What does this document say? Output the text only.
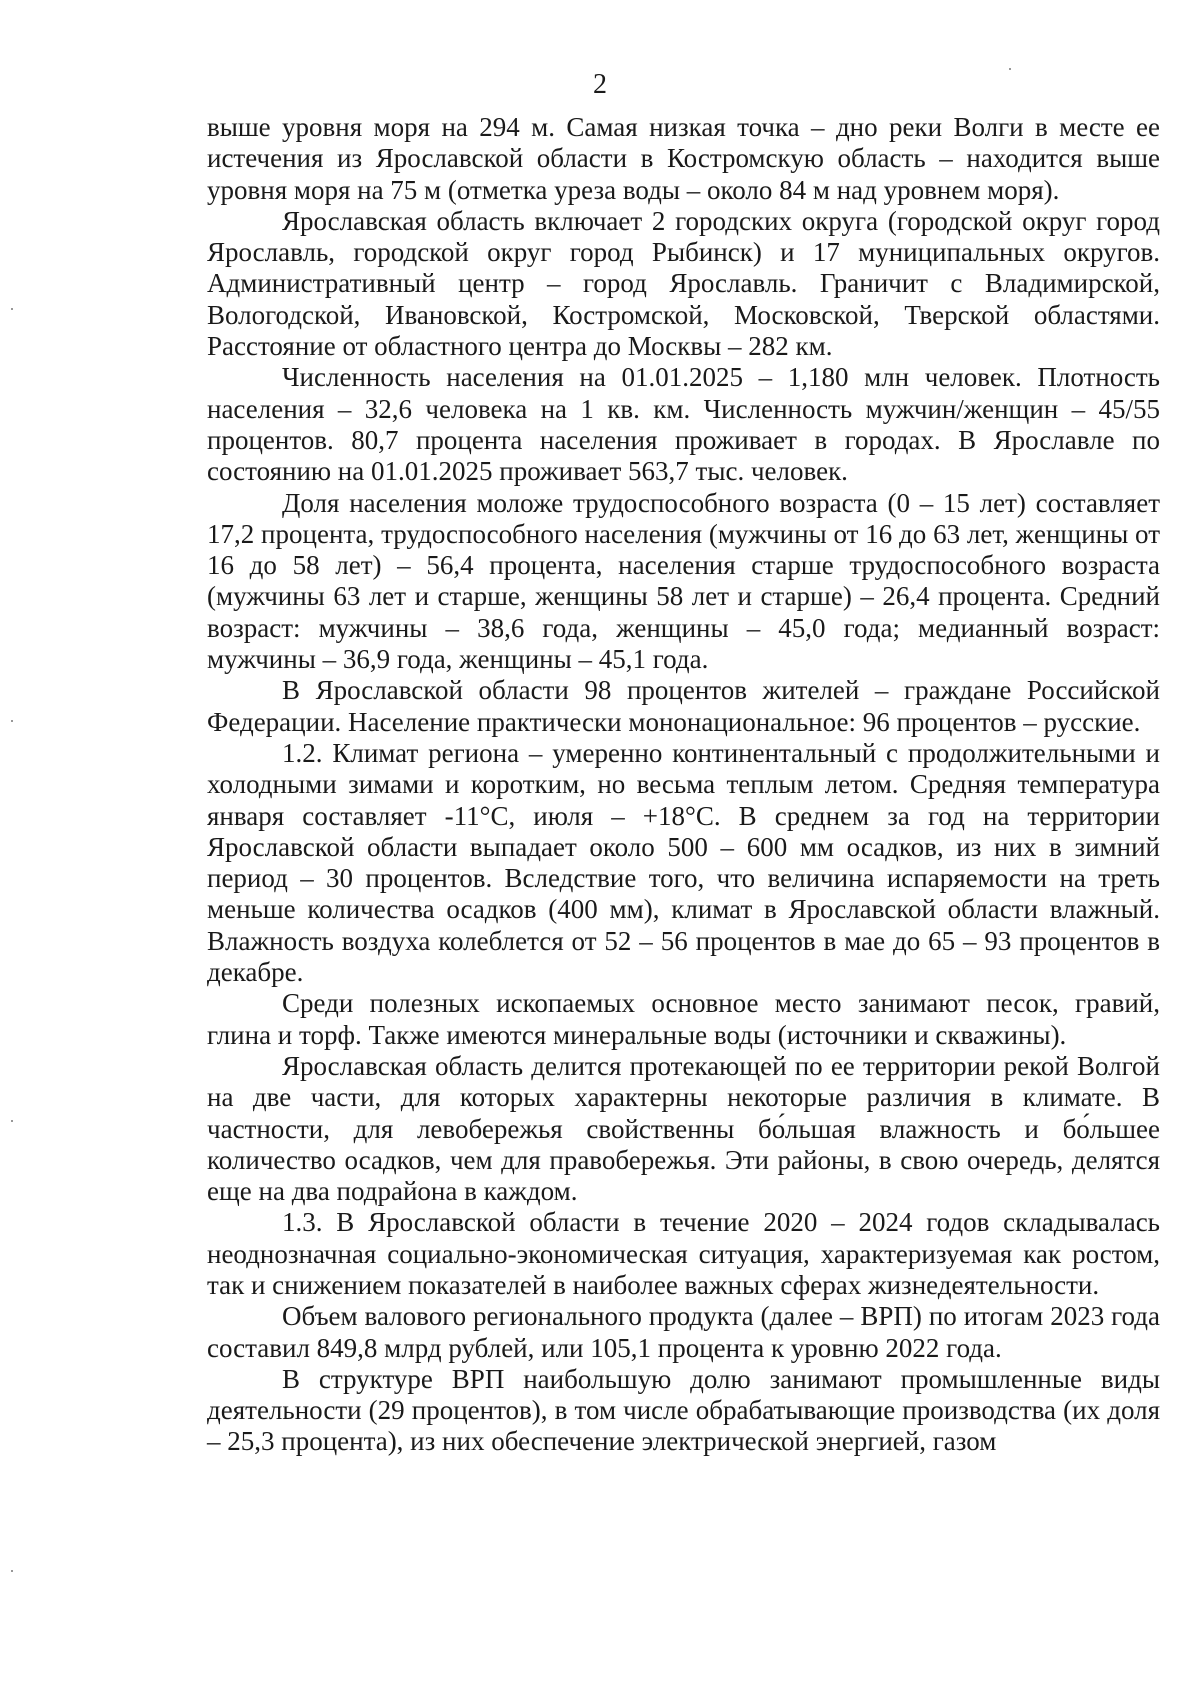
2

выше уровня моря на 294 м. Самая низкая точка – дно реки Волги в месте ее истечения из Ярославской области в Костромскую область – находится выше уровня моря на 75 м (отметка уреза воды – около 84 м над уровнем моря).

Ярославская область включает 2 городских округа (городской округ город Ярославль, городской округ город Рыбинск) и 17 муниципальных округов. Административный центр – город Ярославль. Граничит с Владимирской, Вологодской, Ивановской, Костромской, Московской, Тверской областями. Расстояние от областного центра до Москвы – 282 км.

Численность населения на 01.01.2025 – 1,180 млн человек. Плотность населения – 32,6 человека на 1 кв. км. Численность мужчин/женщин – 45/55 процентов. 80,7 процента населения проживает в городах. В Ярославле по состоянию на 01.01.2025 проживает 563,7 тыс. человек.

Доля населения моложе трудоспособного возраста (0 – 15 лет) составляет 17,2 процента, трудоспособного населения (мужчины от 16 до 63 лет, женщины от 16 до 58 лет) – 56,4 процента, населения старше трудоспособного возраста (мужчины 63 лет и старше, женщины 58 лет и старше) – 26,4 процента. Средний возраст: мужчины – 38,6 года, женщины – 45,0 года; медианный возраст: мужчины – 36,9 года, женщины – 45,1 года.

В Ярославской области 98 процентов жителей – граждане Российской Федерации. Население практически мононациональное: 96 процентов – русские.

1.2. Климат региона – умеренно континентальный с продолжительными и холодными зимами и коротким, но весьма теплым летом. Средняя температура января составляет -11°С, июля – +18°С. В среднем за год на территории Ярославской области выпадает около 500 – 600 мм осадков, из них в зимний период – 30 процентов. Вследствие того, что величина испаряемости на треть меньше количества осадков (400 мм), климат в Ярославской области влажный. Влажность воздуха колеблется от 52 – 56 процентов в мае до 65 – 93 процентов в декабре.

Среди полезных ископаемых основное место занимают песок, гравий, глина и торф. Также имеются минеральные воды (источники и скважины).

Ярославская область делится протекающей по ее территории рекой Волгой на две части, для которых характерны некоторые различия в климате. В частности, для левобережья свойственны бо́льшая влажность и бо́льшее количество осадков, чем для правобережья. Эти районы, в свою очередь, делятся еще на два подрайона в каждом.

1.3. В Ярославской области в течение 2020 – 2024 годов складывалась неоднозначная социально-экономическая ситуация, характеризуемая как ростом, так и снижением показателей в наиболее важных сферах жизнедеятельности.

Объем валового регионального продукта (далее – ВРП) по итогам 2023 года составил 849,8 млрд рублей, или 105,1 процента к уровню 2022 года.

В структуре ВРП наибольшую долю занимают промышленные виды деятельности (29 процентов), в том числе обрабатывающие производства (их доля – 25,3 процента), из них обеспечение электрической энергией, газом
